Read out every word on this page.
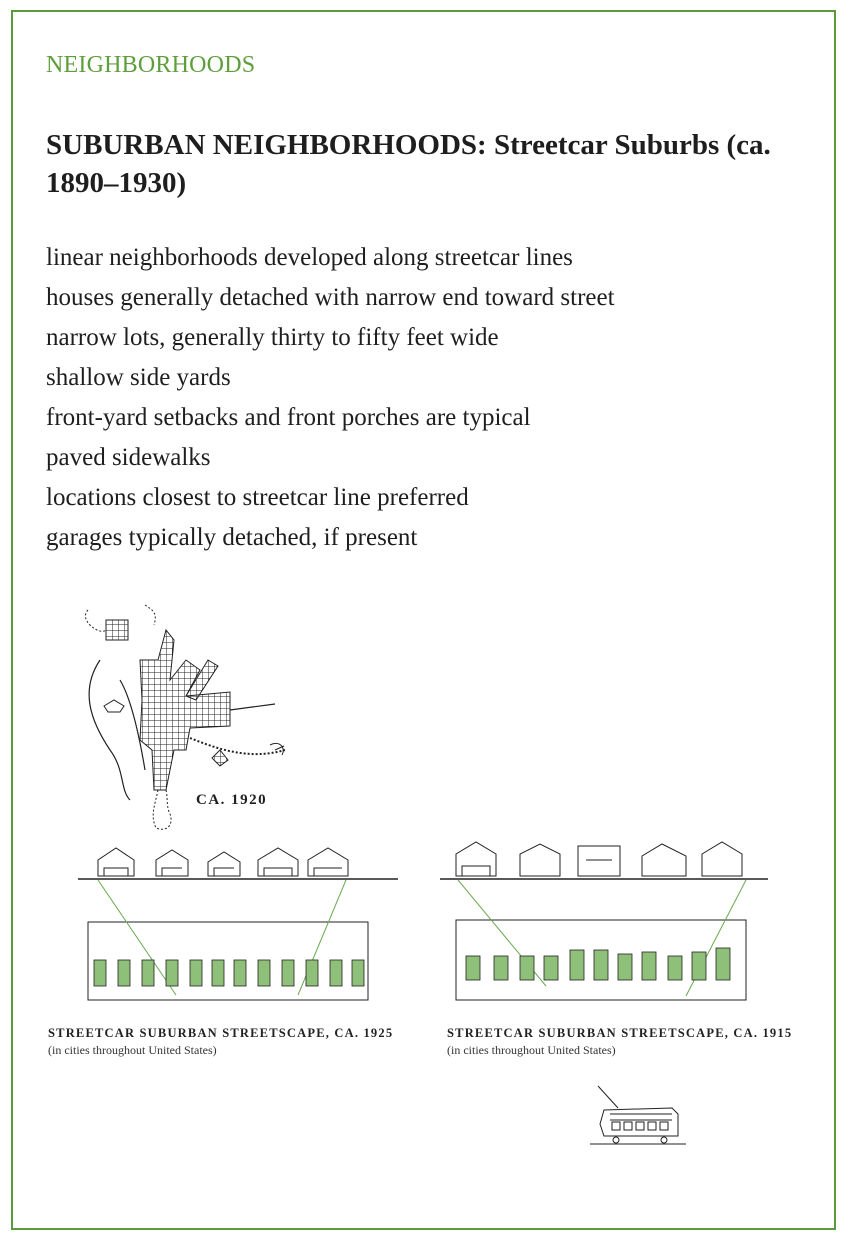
NEIGHBORHOODS
SUBURBAN NEIGHBORHOODS: Streetcar Suburbs (ca. 1890–1930)
linear neighborhoods developed along streetcar lines
houses generally detached with narrow end toward street
narrow lots, generally thirty to fifty feet wide
shallow side yards
front-yard setbacks and front porches are typical
paved sidewalks
locations closest to streetcar line preferred
garages typically detached, if present
CA. 1920
STREETCAR SUBURBAN STREETSCAPE, CA. 1925
(in cities throughout United States)
STREETCAR SUBURBAN STREETSCAPE, CA. 1915
(in cities throughout United States)
